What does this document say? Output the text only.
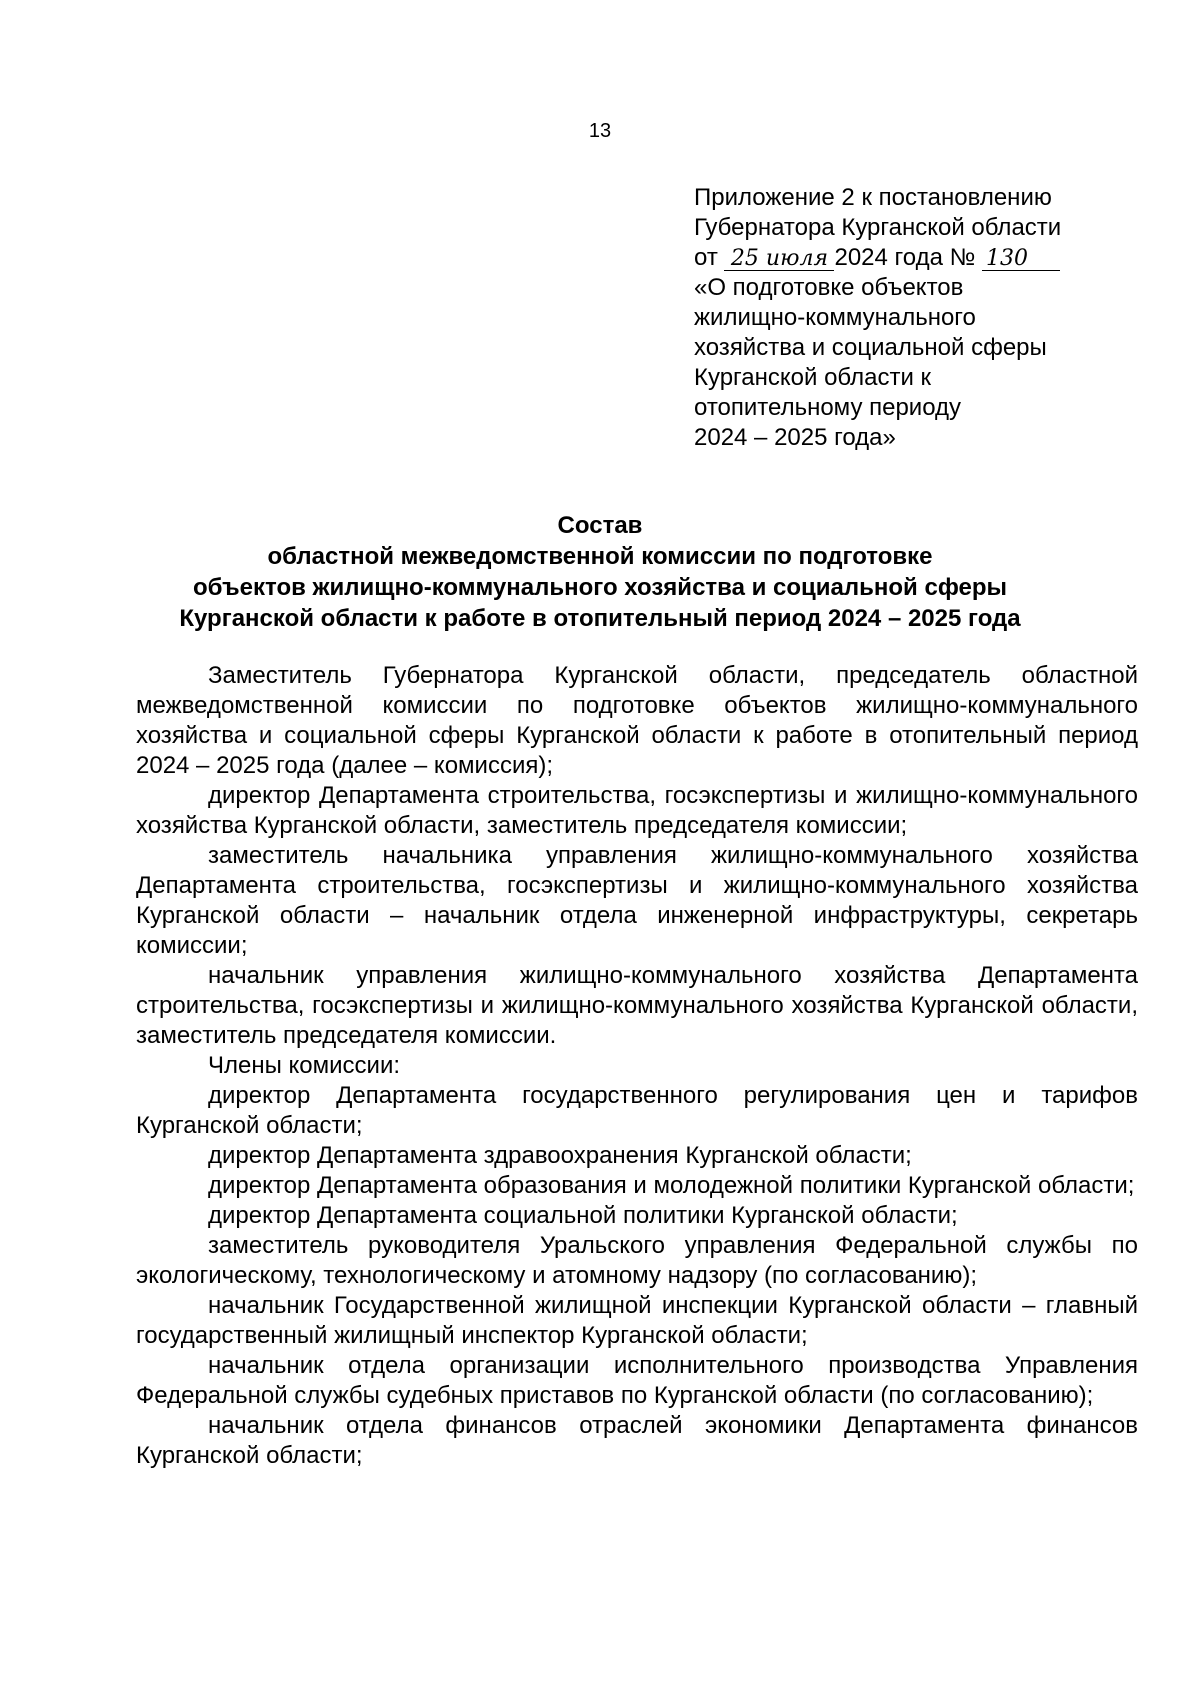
13
Приложение 2 к постановлению
Губернатора Курганской области
от 25 июля 2024 года № 130
«О подготовке объектов
жилищно-коммунального
хозяйства и социальной сферы
Курганской области к
отопительному периоду
2024 – 2025 года»
Состав
областной межведомственной комиссии по подготовке
объектов жилищно-коммунального хозяйства и социальной сферы
Курганской области к работе в отопительный период 2024 – 2025 года

Заместитель Губернатора Курганской области, председатель областной межведомственной комиссии по подготовке объектов жилищно-коммунального хозяйства и социальной сферы Курганской области к работе в отопительный период 2024 – 2025 года (далее – комиссия);

директор Департамента строительства, госэкспертизы и жилищно-коммунального хозяйства Курганской области, заместитель председателя комиссии;

заместитель начальника управления жилищно-коммунального хозяйства Департамента строительства, госэкспертизы и жилищно-коммунального хозяйства Курганской области – начальник отдела инженерной инфраструктуры, секретарь комиссии;

начальник управления жилищно-коммунального хозяйства Департамента строительства, госэкспертизы и жилищно-коммунального хозяйства Курганской области, заместитель председателя комиссии.

Члены комиссии:

директор Департамента государственного регулирования цен и тарифов Курганской области;

директор Департамента здравоохранения Курганской области;

директор Департамента образования и молодежной политики Курганской области;

директор Департамента социальной политики Курганской области;

заместитель руководителя Уральского управления Федеральной службы по экологическому, технологическому и атомному надзору (по согласованию);

начальник Государственной жилищной инспекции Курганской области – главный государственный жилищный инспектор Курганской области;

начальник отдела организации исполнительного производства Управления Федеральной службы судебных приставов по Курганской области (по согласованию);

начальник отдела финансов отраслей экономики Департамента финансов Курганской области;
